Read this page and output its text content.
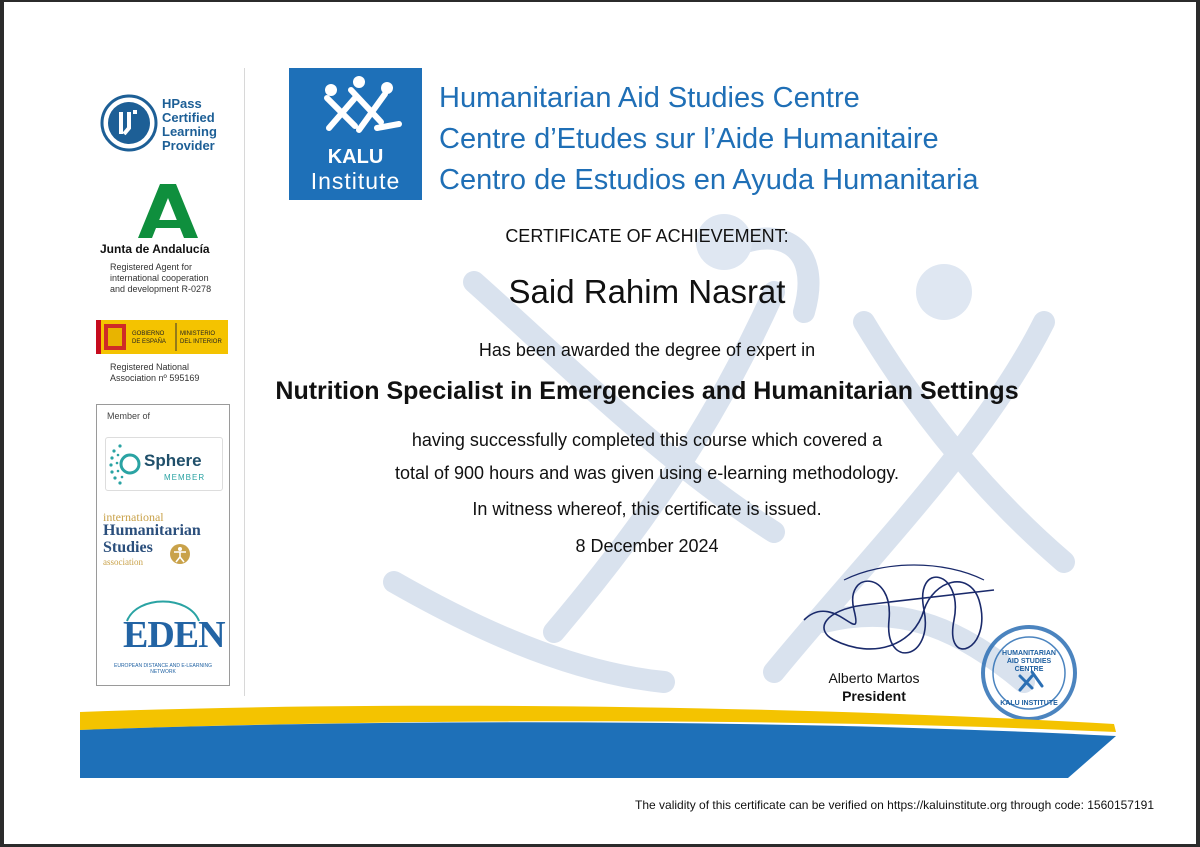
HPass
Certified
Learning
Provider
Junta de Andalucía
Registered Agent for
international cooperation
and development R-0278
GOBIERNO
DE ESPAÑA
MINISTERIO
DEL INTERIOR
Registered National
Association nº 595169
Member of
Sphere
MEMBER
international
Humanitarian
Studies
association
EDEN
EUROPEAN DISTANCE AND E-LEARNING NETWORK
KALU
Institute
Humanitarian Aid Studies Centre
Centre d’Etudes sur l’Aide Humanitaire
Centro de Estudios en Ayuda Humanitaria
CERTIFICATE OF ACHIEVEMENT:
Said Rahim Nasrat
Has been awarded the degree of expert in
Nutrition Specialist in Emergencies and Humanitarian Settings
having successfully completed this course which covered a
total of 900 hours and was given using e-learning methodology.
In witness whereof, this certificate is issued.
8 December 2024
Alberto Martos
President
HUMANITARIAN
AID STUDIES
CENTRE
KALU INSTITUTE
The validity of this certificate can be verified on https://kaluinstitute.org through code: 1560157191
